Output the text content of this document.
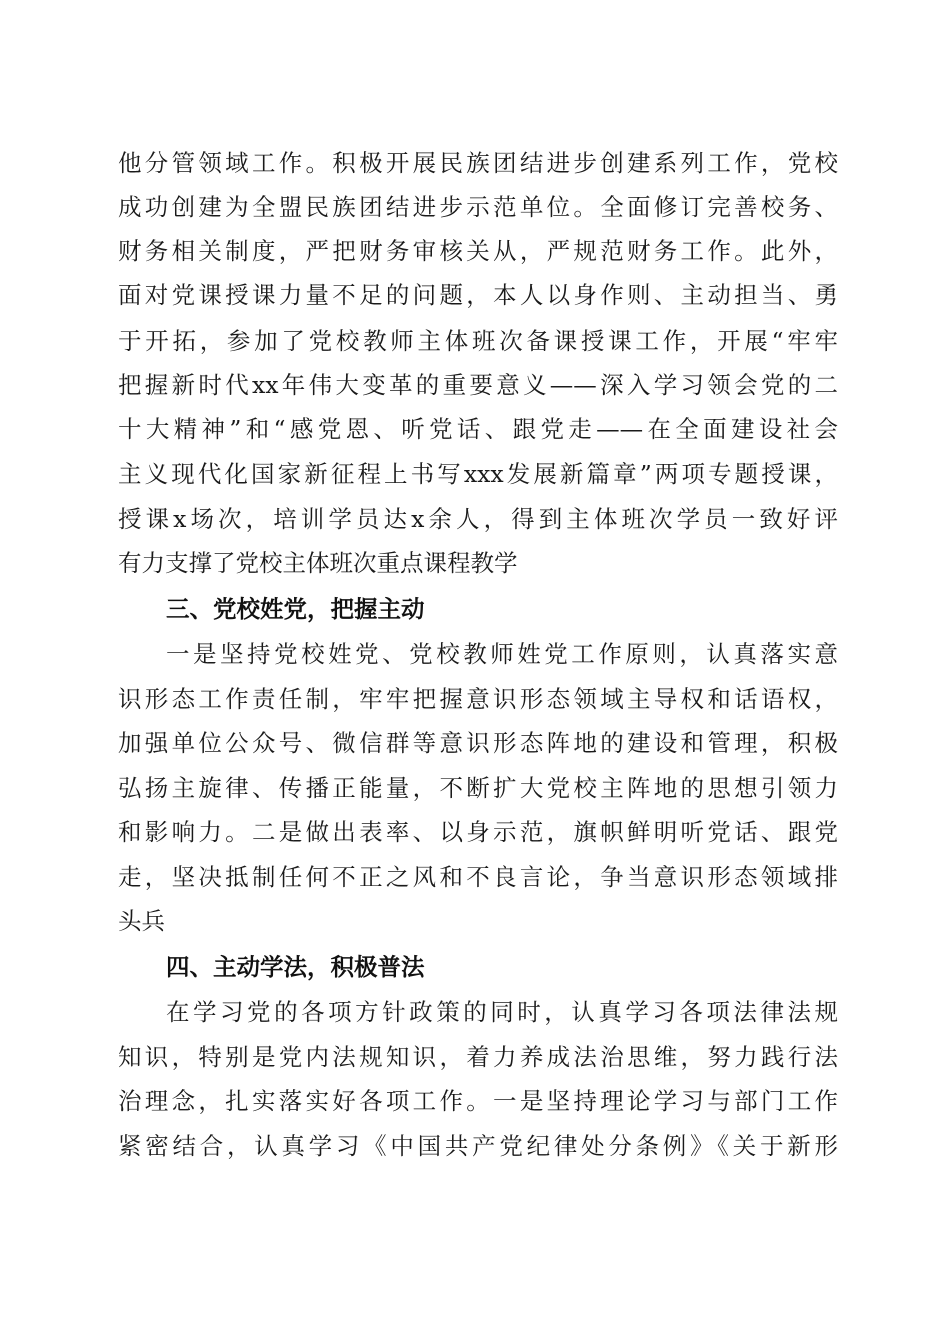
他分管领域工作。积极开展民族团结进步创建系列工作，党校
成功创建为全盟民族团结进步示范单位。全面修订完善校务、
财务相关制度，严把财务审核关从，严规范财务工作。此外，
面对党课授课力量不足的问题，本人以身作则、主动担当、勇
于开拓，参加了党校教师主体班次备课授课工作，开展“牢牢
把握新时代xx年伟大变革的重要意义——深入学习领会党的二
十大精神”和“感党恩、听党话、跟党走——在全面建设社会
主义现代化国家新征程上书写xxx发展新篇章”两项专题授课，
授课x场次，培训学员达x余人，得到主体班次学员一致好评
有力支撑了党校主体班次重点课程教学
三、党校姓党，把握主动
一是坚持党校姓党、党校教师姓党工作原则，认真落实意
识形态工作责任制，牢牢把握意识形态领域主导权和话语权，
加强单位公众号、微信群等意识形态阵地的建设和管理，积极
弘扬主旋律、传播正能量，不断扩大党校主阵地的思想引领力
和影响力。二是做出表率、以身示范，旗帜鲜明听党话、跟党
走，坚决抵制任何不正之风和不良言论，争当意识形态领域排
头兵
四、主动学法，积极普法
在学习党的各项方针政策的同时，认真学习各项法律法规
知识，特别是党内法规知识，着力养成法治思维，努力践行法
治理念，扎实落实好各项工作。一是坚持理论学习与部门工作
紧密结合，认真学习《中国共产党纪律处分条例》《关于新形
